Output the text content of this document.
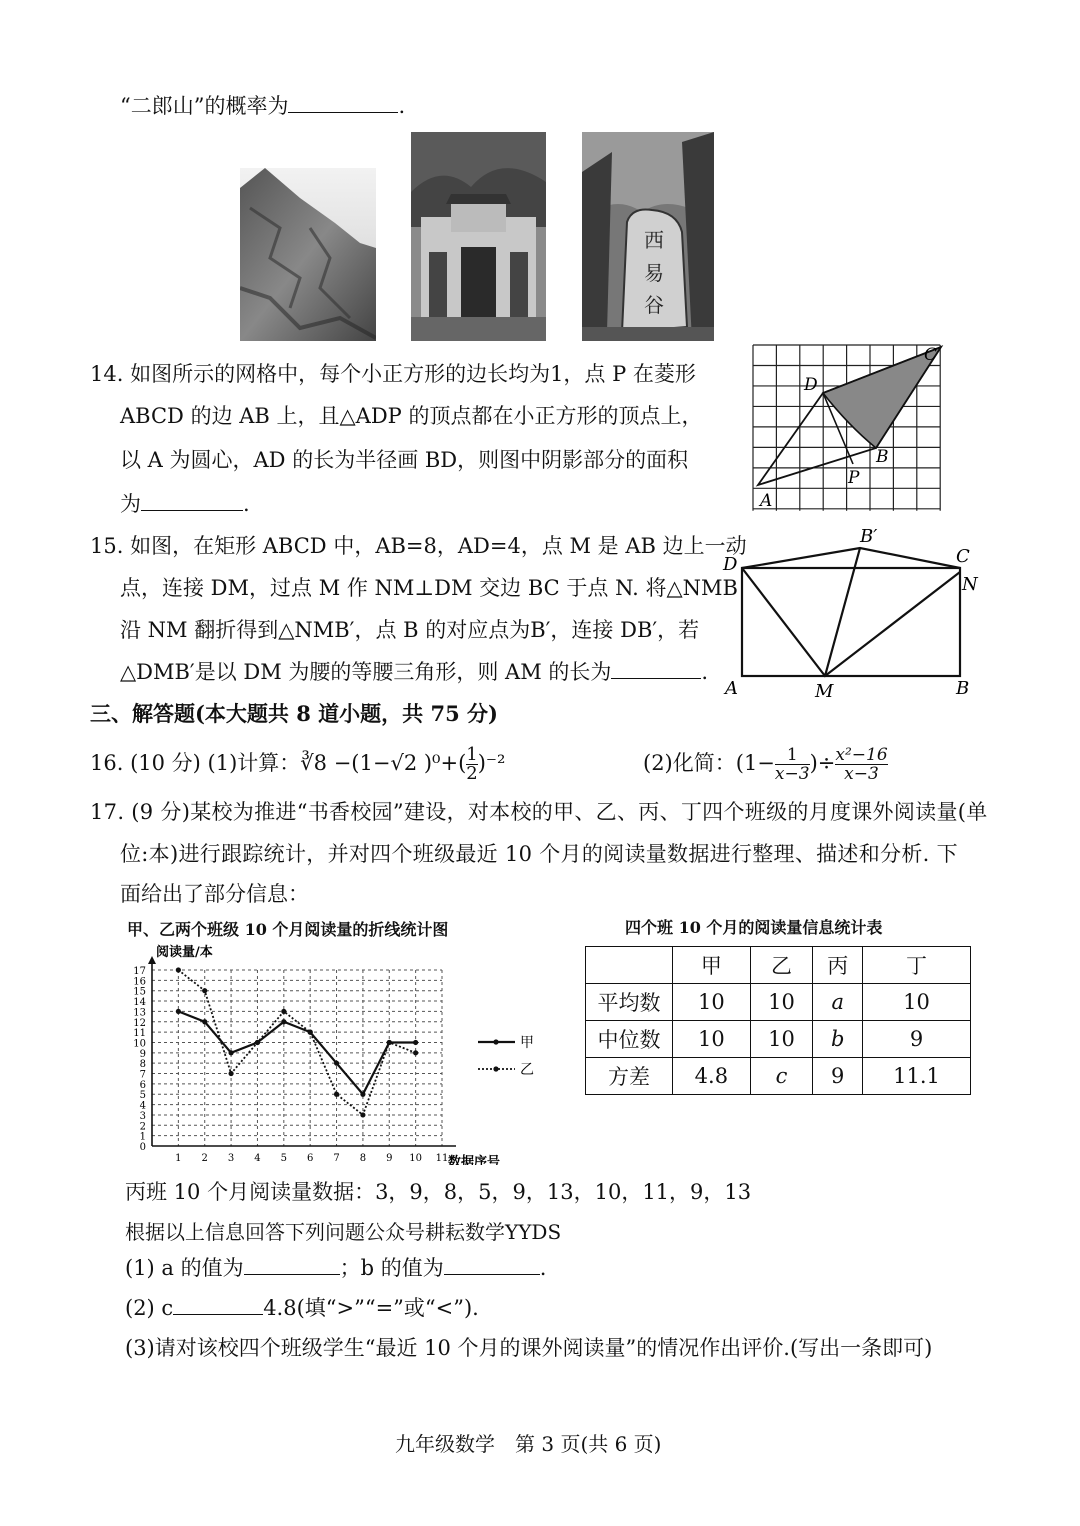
“二郎山”的概率为	.
西
易
谷
14. 如图所示的网格中，每个小正方形的边长均为1，点 P 在菱形
ABCD 的边 AB 上，且△ADP 的顶点都在小正方形的顶点上，
以 A 为圆心，AD 的长为半径画 BD，则图中阴影部分的面积
为	.	A
B
C
D
P
15. 如图，在矩形 ABCD 中，AB=8，AD=4，点 M 是 AB 边上一动
点，连接 DM，过点 M 作 NM⊥DM 交边 BC 于点 N. 将△NMB
沿 NM 翻折得到△NMB′，点 B 的对应点为B′，连接 DB′，若
△DMB′是以 DM 为腰的等腰三角形，则 AM 的长为	.
A	B
C
D
M
N
B′
三、解答题(本大题共 8 道小题，共 75 分)
16. (10 分) (1)计算：∛8 −(1−√2 )$^0+( \frac{1}{2} )^{-2}$	(2)化简：($1- \frac{1}{x-3}$ )÷ $\frac{\text{x²−16}}{x-3}$
17. (9 分)某校为推进“书香校园”建设，对本校的甲、乙、丙、丁四个班级的月度课外阅读量(单
位:本)进行跟踪统计，并对四个班级最近 10 个月的阅读量数据进行整理、描述和分析. 下
面给出了部分信息：
甲、乙两个班级 10 个月阅读量的折线统计图
0
1
2
3
4
5
6
7
8
9
10
11
12
13
14
15
16
17
1 2 3 4 5 6 7 8 9 10 11
阅读量/本
数据序号
甲
乙
四个班 10 个月的阅读量信息统计表
	甲	乙	丙	丁
平均数	10	10	a	10
中位数	10	10	b	9
方差	4.8	c	9	11.1
丙班 10 个月阅读量数据：3，9，8，5，9，13，10，11，9，13
根据以上信息回答下列问题公众号耕耘数学YYDS
(1) a 的值为	；b 的值为	.
(2) c	4.8(填“>”“=”或“<”).
(3)请对该校四个班级学生“最近 10 个月的课外阅读量”的情况作出评价.(写出一条即可)
九年级数学　第 3 页(共 6 页)
